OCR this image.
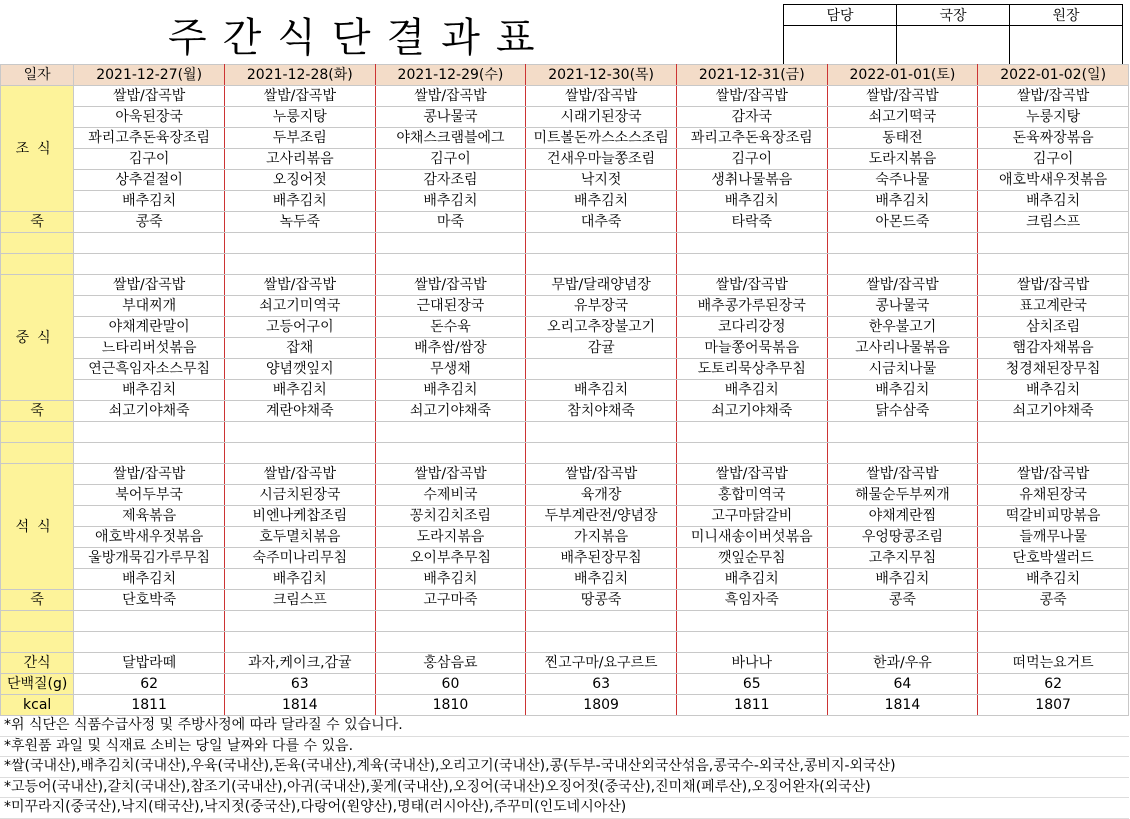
주간식단결과표	담당	국장	원장

일자	2021-12-27(월)	2021-12-28(화)	2021-12-29(수)	2021-12-30(목)	2021-12-31(금)	2022-01-01(토)	2022-01-02(일)
조식	쌀밥/잡곡밥	쌀밥/잡곡밥	쌀밥/잡곡밥	쌀밥/잡곡밥	쌀밥/잡곡밥	쌀밥/잡곡밥	쌀밥/잡곡밥
	아욱된장국	누룽지탕	콩나물국	시래기된장국	감자국	쇠고기떡국	누룽지탕
	꽈리고추돈육장조림	두부조림	야채스크램블에그	미트볼돈까스소스조림	꽈리고추돈육장조림	동태전	돈육짜장볶음
	김구이	고사리볶음	김구이	건새우마늘쫑조림	김구이	도라지볶음	김구이
	상추겉절이	오징어젓	감자조림	낙지젓	생취나물볶음	숙주나물	애호박새우젓볶음
	배추김치	배추김치	배추김치	배추김치	배추김치	배추김치	배추김치
죽	콩죽	녹두죽	마죽	대추죽	타락죽	아몬드죽	크림스프

중식	쌀밥/잡곡밥	쌀밥/잡곡밥	쌀밥/잡곡밥	무밥/달래양념장	쌀밥/잡곡밥	쌀밥/잡곡밥	쌀밥/잡곡밥
	부대찌개	쇠고기미역국	근대된장국	유부장국	배추콩가루된장국	콩나물국	표고계란국
	야채계란말이	고등어구이	돈수육	오리고추장불고기	코다리강정	한우불고기	삼치조림
	느타리버섯볶음	잡채	배추쌈/쌈장	감귤	마늘쫑어묵볶음	고사리나물볶음	햄감자채볶음
	연근흑임자소스무침	양념깻잎지	무생채		도토리묵상추무침	시금치나물	청경채된장무침
	배추김치	배추김치	배추김치	배추김치	배추김치	배추김치	배추김치
죽	쇠고기야채죽	계란야채죽	쇠고기야채죽	참치야채죽	쇠고기야채죽	닭수삼죽	쇠고기야채죽

석식	쌀밥/잡곡밥	쌀밥/잡곡밥	쌀밥/잡곡밥	쌀밥/잡곡밥	쌀밥/잡곡밥	쌀밥/잡곡밥	쌀밥/잡곡밥
	북어두부국	시금치된장국	수제비국	육개장	홍합미역국	해물순두부찌개	유채된장국
	제육볶음	비엔나케찹조림	꽁치김치조림	두부계란전/양념장	고구마닭갈비	야채계란찜	떡갈비피망볶음
	애호박새우젓볶음	호두멸치볶음	도라지볶음	가지볶음	미니새송이버섯볶음	우엉땅콩조림	들깨무나물
	울방개묵김가루무침	숙주미나리무침	오이부추무침	배추된장무침	깻잎순무침	고추지무침	단호박샐러드
	배추김치	배추김치	배추김치	배추김치	배추김치	배추김치	배추김치
죽	단호박죽	크림스프	고구마죽	땅콩죽	흑임자죽	콩죽	콩죽

간식	달밥라떼	과자,케이크,감귤	홍삼음료	찐고구마/요구르트	바나나	한과/우유	떠먹는요거트
단백질(g)	62	63	60	63	65	64	62
kcal	1811	1814	1810	1809	1811	1814	1807
*위 식단은 식품수급사정 및 주방사정에 따라 달라질 수 있습니다.
*후원품 과일 및 식재료 소비는 당일 날짜와 다를 수 있음.
*쌀(국내산),배추김치(국내산),우육(국내산),돈육(국내산),계육(국내산),오리고기(국내산),콩(두부-국내산외국산섞음,콩국수-외국산,콩비지-외국산)
*고등어(국내산),갈치(국내산),참조기(국내산),아귀(국내산),꽃게(국내산),오징어(국내산)오징어젓(중국산),진미채(페루산),오징어완자(외국산)
*미꾸라지(중국산),낙지(태국산),낙지젓(중국산),다랑어(원양산),명태(러시아산),주꾸미(인도네시아산)
